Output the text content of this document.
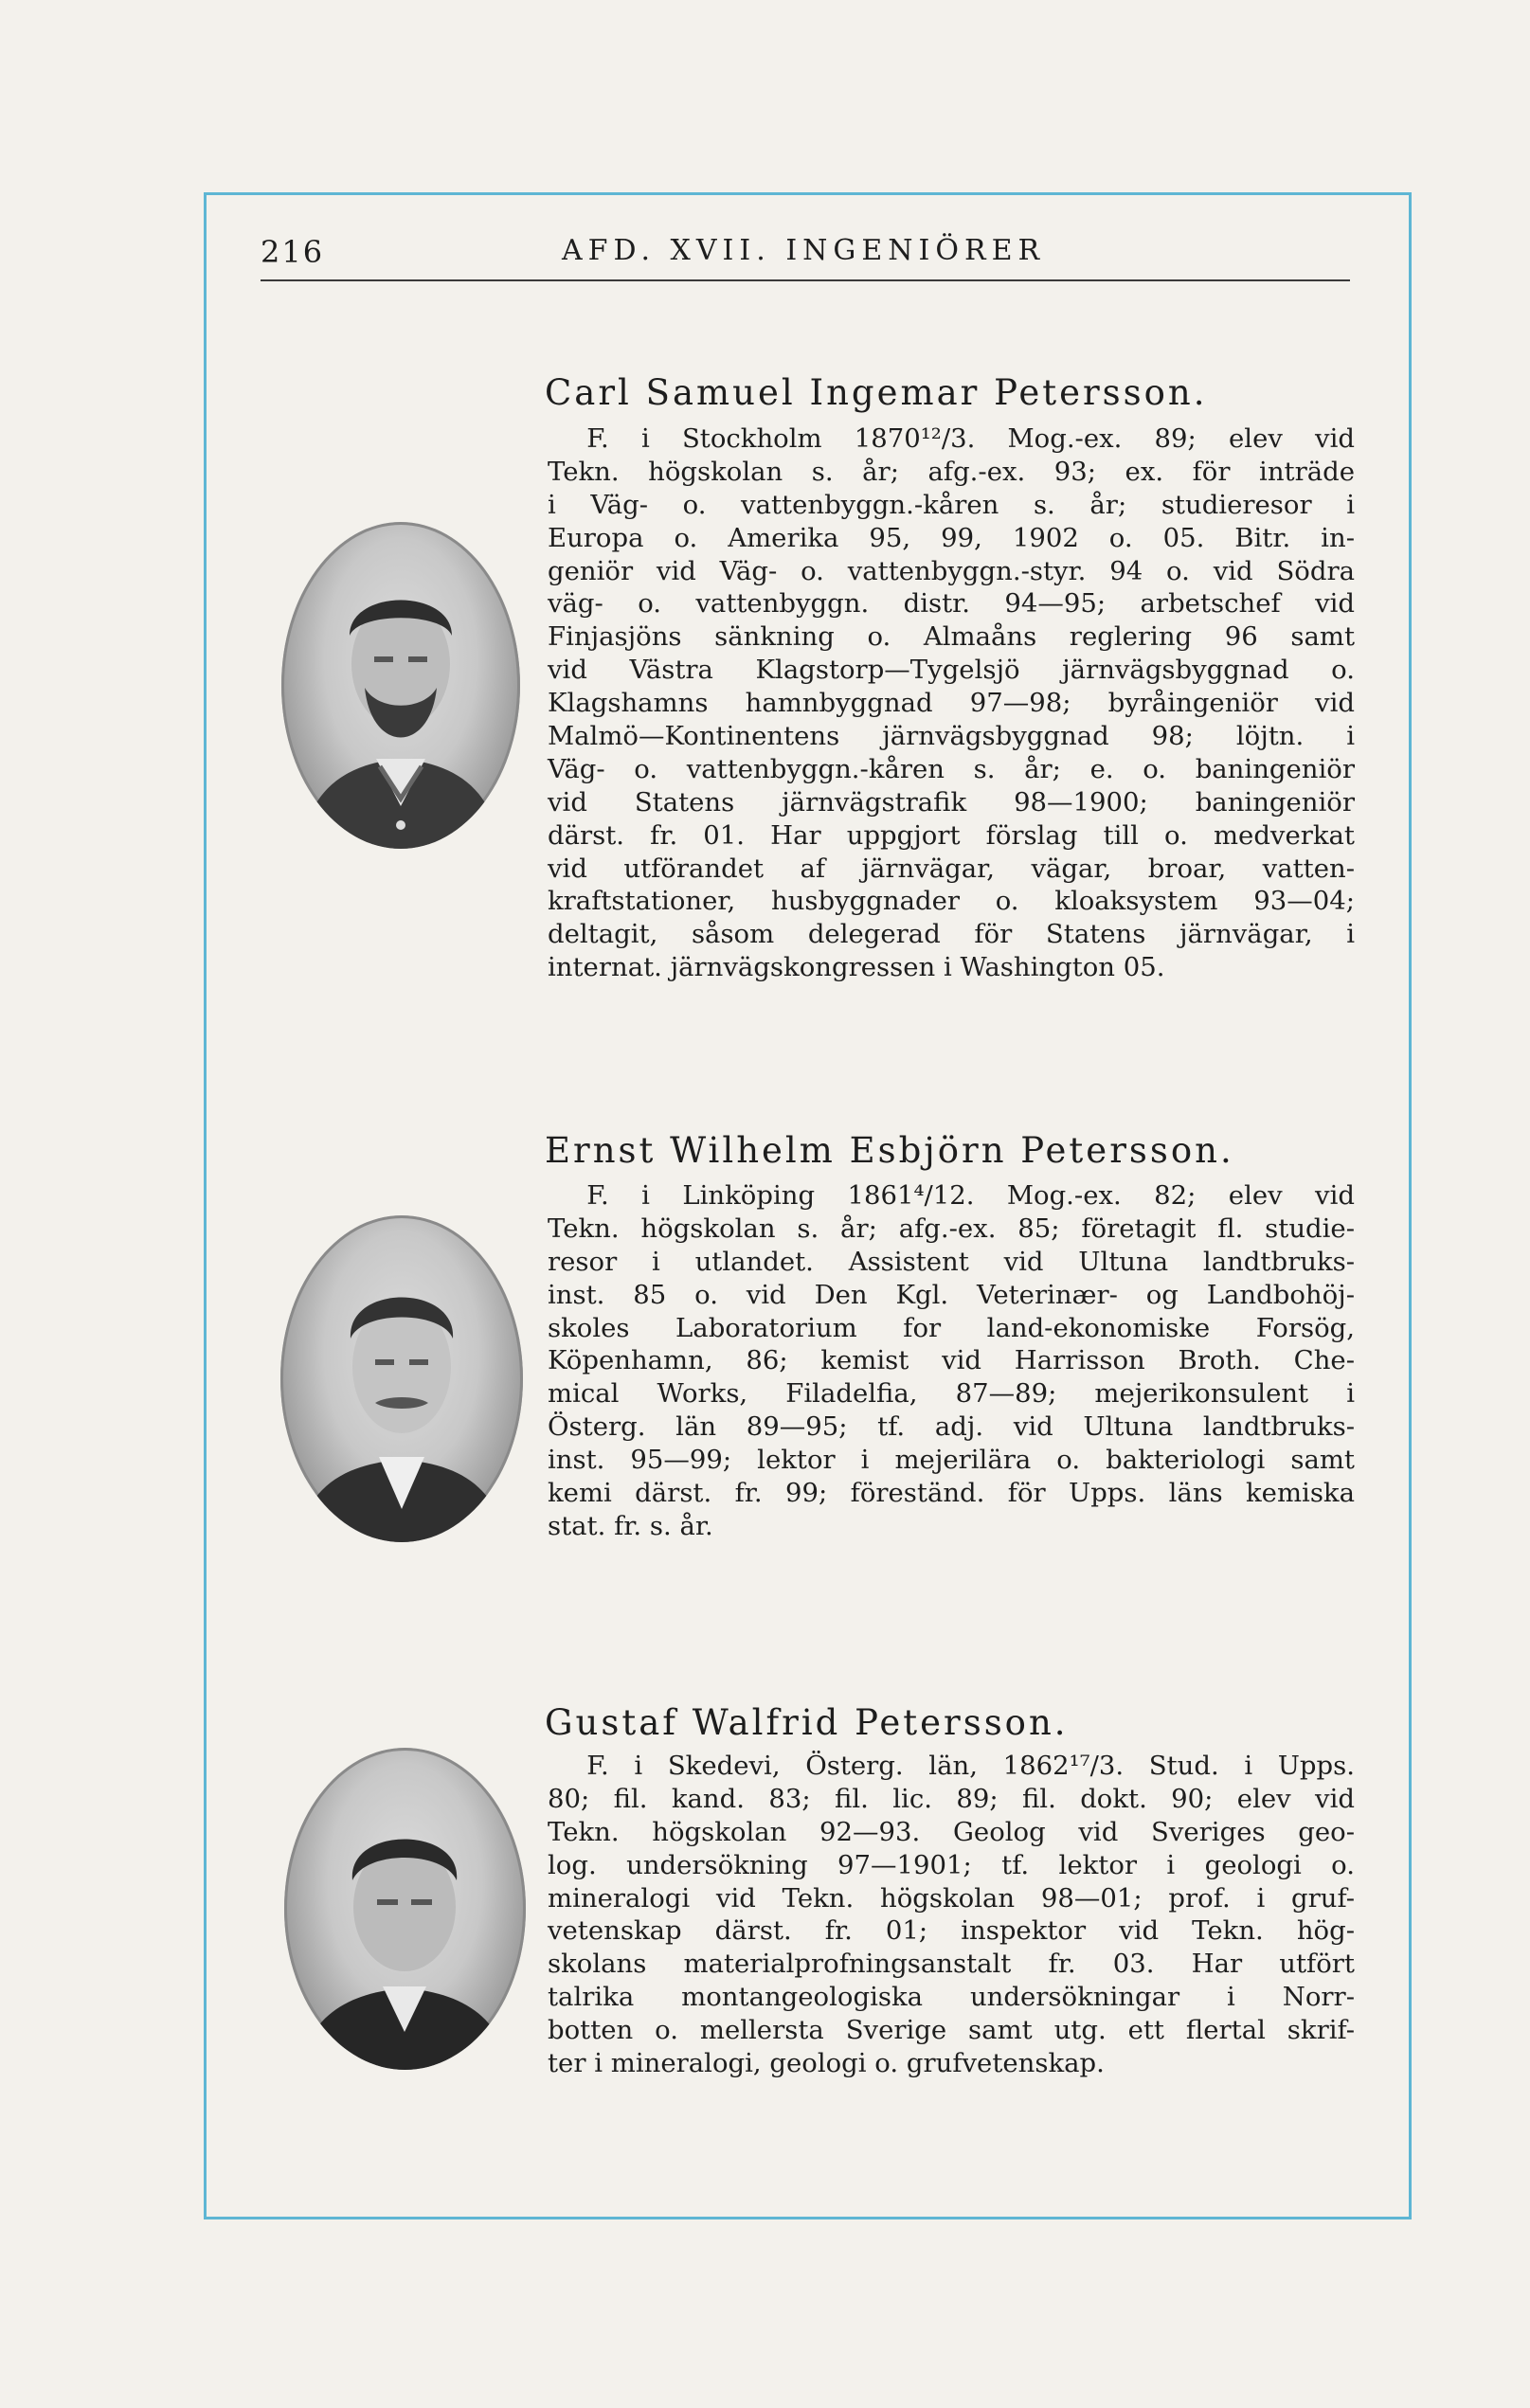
216	AFD. XVII. INGENIÖRER
Carl Samuel Ingemar Petersson.
F. i Stockholm 1870¹²/3. Mog.-ex. 89; elev vid
Tekn. högskolan s. år; afg.-ex. 93; ex. för inträde
i Väg- o. vattenbyggn.-kåren s. år; studieresor i
Europa o. Amerika 95, 99, 1902 o. 05. Bitr. in-
geniör vid Väg- o. vattenbyggn.-styr. 94 o. vid Södra
väg- o. vattenbyggn. distr. 94—95; arbetschef vid
Finjasjöns sänkning o. Almaåns reglering 96 samt
vid Västra Klagstorp—Tygelsjö järnvägsbyggnad o.
Klagshamns hamnbyggnad 97—98; byråingeniör vid
Malmö—Kontinentens järnvägsbyggnad 98; löjtn. i
Väg- o. vattenbyggn.-kåren s. år; e. o. baningeniör
vid Statens järnvägstrafik 98—1900; baningeniör
därst. fr. 01. Har uppgjort förslag till o. medverkat
vid utförandet af järnvägar, vägar, broar, vatten-
kraftstationer, husbyggnader o. kloaksystem 93—04;
deltagit, såsom delegerad för Statens järnvägar, i
internat. järnvägskongressen i Washington 05.
Ernst Wilhelm Esbjörn Petersson.
F. i Linköping 1861⁴/12. Mog.-ex. 82; elev vid
Tekn. högskolan s. år; afg.-ex. 85; företagit fl. studie-
resor i utlandet. Assistent vid Ultuna landtbruks-
inst. 85 o. vid Den Kgl. Veterinær- og Landbohöj-
skoles Laboratorium for land-ekonomiske Forsög,
Köpenhamn, 86; kemist vid Harrisson Broth. Che-
mical Works, Filadelfia, 87—89; mejerikonsulent i
Österg. län 89—95; tf. adj. vid Ultuna landtbruks-
inst. 95—99; lektor i mejerilära o. bakteriologi samt
kemi därst. fr. 99; föreständ. för Upps. läns kemiska
stat. fr. s. år.
Gustaf Walfrid Petersson.
F. i Skedevi, Österg. län, 1862¹⁷/3. Stud. i Upps.
80; fil. kand. 83; fil. lic. 89; fil. dokt. 90; elev vid
Tekn. högskolan 92—93. Geolog vid Sveriges geo-
log. undersökning 97—1901; tf. lektor i geologi o.
mineralogi vid Tekn. högskolan 98—01; prof. i gruf-
vetenskap därst. fr. 01; inspektor vid Tekn. hög-
skolans materialprofningsanstalt fr. 03. Har utfört
talrika montangeologiska undersökningar i Norr-
botten o. mellersta Sverige samt utg. ett flertal skrif-
ter i mineralogi, geologi o. grufvetenskap.
